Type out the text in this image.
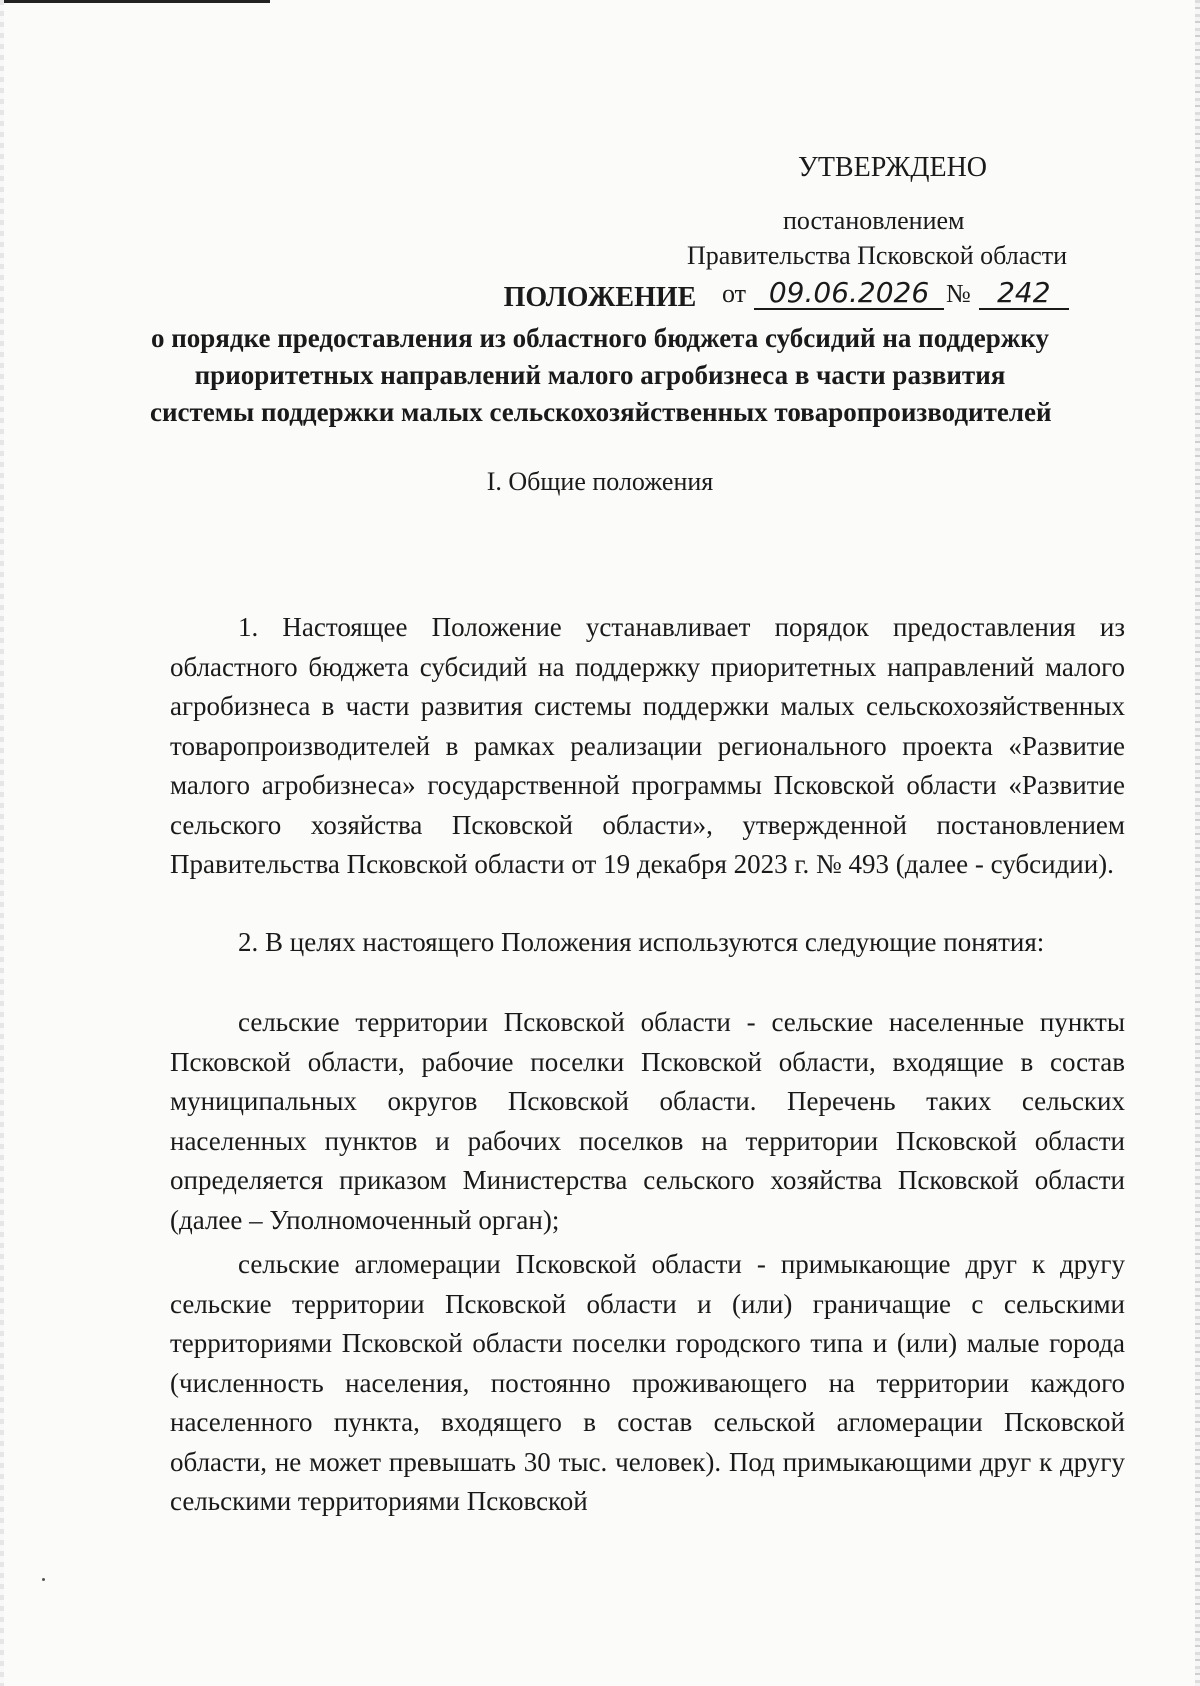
УТВЕРЖДЕНО
постановлением
Правительства Псковской области
от 09.06.2026 № 242
ПОЛОЖЕНИЕ
о порядке предоставления из областного бюджета субсидий на поддержку
приоритетных направлений малого агробизнеса в части развития
системы поддержки малых сельскохозяйственных товаропроизводителей
I. Общие положения

1. Настоящее Положение устанавливает порядок предоставления из областного бюджета субсидий на поддержку приоритетных направлений малого агробизнеса в части развития системы поддержки малых сельскохозяйственных товаропроизводителей в рамках реализации регионального проекта «Развитие малого агробизнеса» государственной программы Псковской области «Развитие сельского хозяйства Псковской области», утвержденной постановлением Правительства Псковской области от 19 декабря 2023 г. № 493 (далее - субсидии).

2. В целях настоящего Положения используются следующие понятия:

сельские территории Псковской области - сельские населенные пункты Псковской области, рабочие поселки Псковской области, входящие в состав муниципальных округов Псковской области. Перечень таких сельских населенных пунктов и рабочих поселков на территории Псковской области определяется приказом Министерства сельского хозяйства Псковской области (далее – Уполномоченный орган);

сельские агломерации Псковской области - примыкающие друг к другу сельские территории Псковской области и (или) граничащие с сельскими территориями Псковской области поселки городского типа и (или) малые города (численность населения, постоянно проживающего на территории каждого населенного пункта, входящего в состав сельской агломерации Псковской области, не может превышать 30 тыс. человек). Под примыкающими друг к другу сельскими территориями Псковской
